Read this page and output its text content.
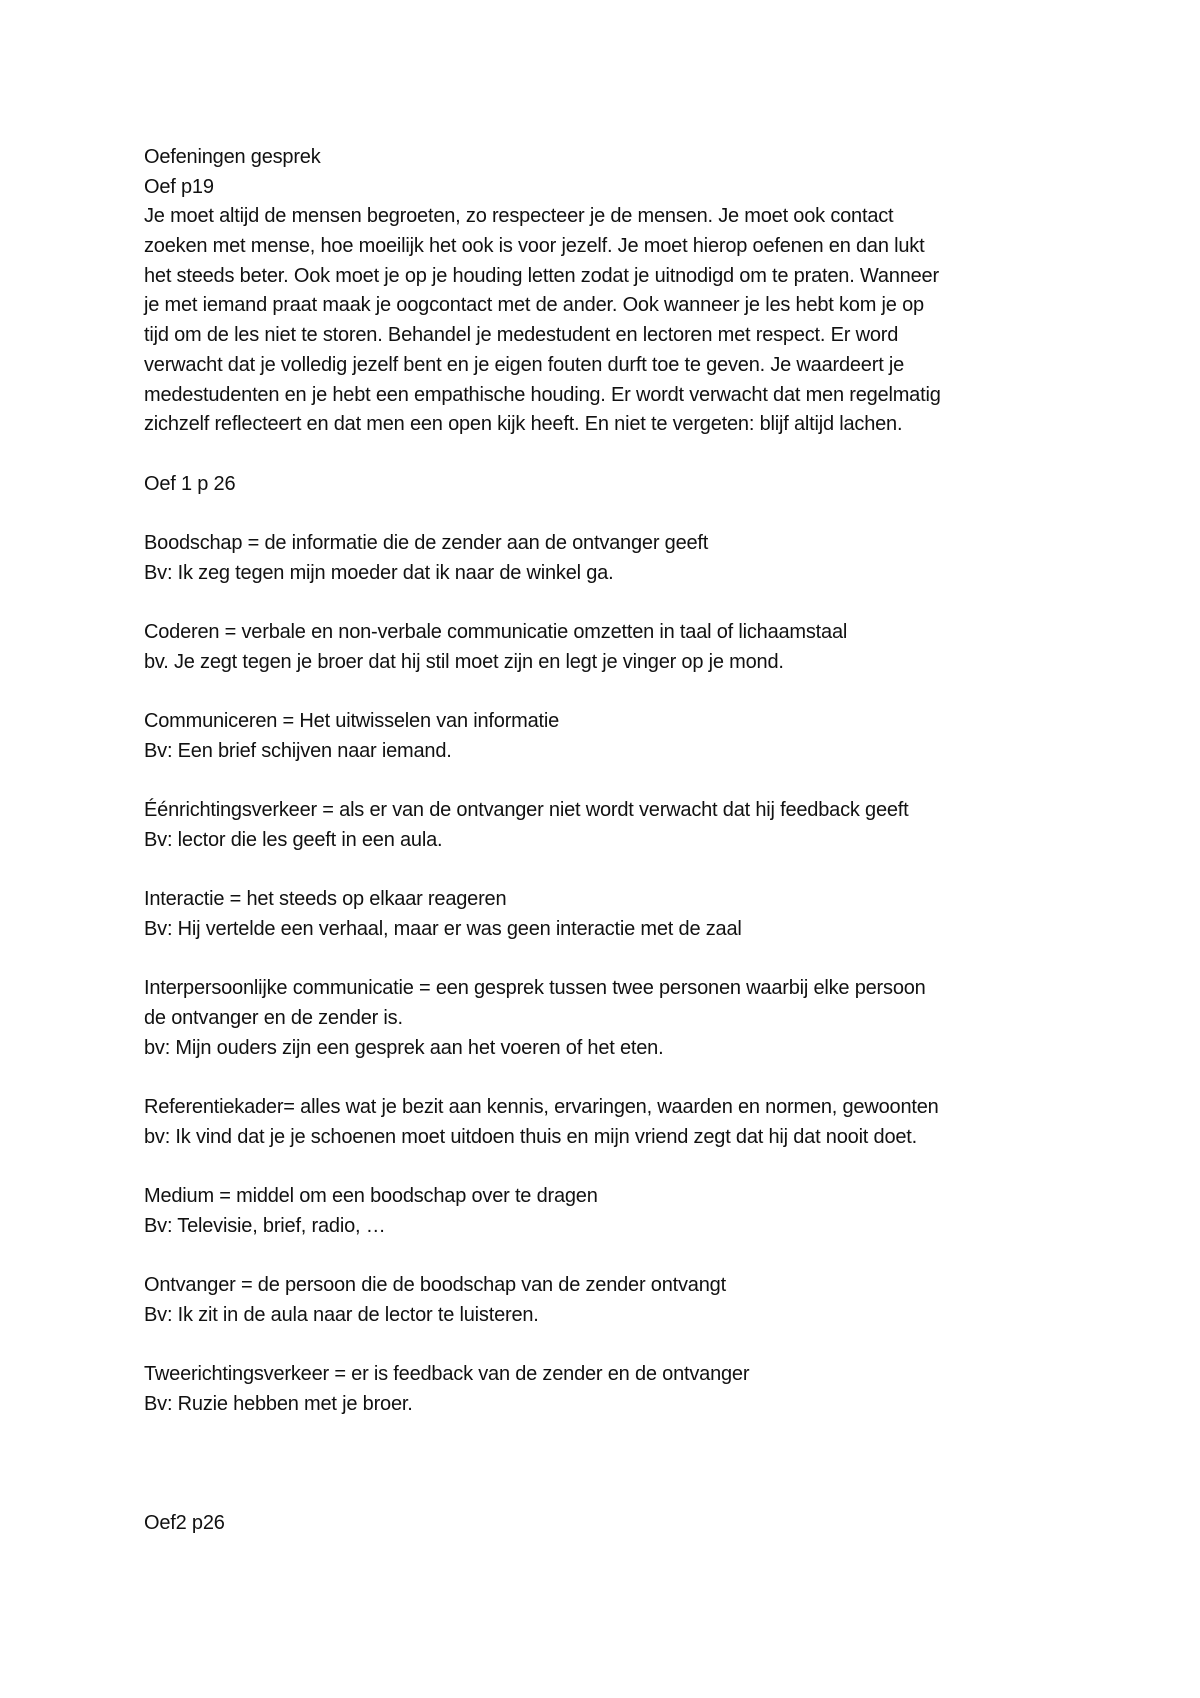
Oefeningen gesprek
Oef p19
Je moet altijd de mensen begroeten, zo respecteer je de mensen. Je moet ook contact
zoeken met mense, hoe moeilijk het ook is voor jezelf. Je moet hierop oefenen en dan lukt
het steeds beter. Ook moet je op je houding letten zodat je uitnodigd om te praten. Wanneer
je met iemand praat maak je oogcontact met de ander. Ook wanneer je les hebt kom je op
tijd om de les niet te storen. Behandel je medestudent en lectoren met respect. Er word
verwacht dat je volledig jezelf bent en je eigen fouten durft toe te geven. Je waardeert je
medestudenten en je hebt een empathische houding. Er wordt verwacht dat men regelmatig
zichzelf reflecteert en dat men een open kijk heeft. En niet te vergeten: blijf altijd lachen.
Oef 1 p 26
Boodschap = de informatie die de zender aan de ontvanger geeft
Bv: Ik zeg tegen mijn moeder dat ik naar de winkel ga.
Coderen = verbale en non-verbale communicatie omzetten in taal of lichaamstaal
bv. Je zegt tegen je broer dat hij stil moet zijn en legt je vinger op je mond.
Communiceren = Het uitwisselen van informatie
Bv: Een brief schijven naar iemand.
Éénrichtingsverkeer = als er van de ontvanger niet wordt verwacht dat hij feedback geeft
Bv: lector die les geeft in een aula.
Interactie = het steeds op elkaar reageren
Bv: Hij vertelde een verhaal, maar er was geen interactie met de zaal
Interpersoonlijke communicatie = een gesprek tussen twee personen waarbij elke persoon
de ontvanger en de zender is.
bv: Mijn ouders zijn een gesprek aan het voeren of het eten.
Referentiekader= alles wat je bezit aan kennis, ervaringen, waarden en normen, gewoonten
bv: Ik vind dat je je schoenen moet uitdoen thuis en mijn vriend zegt dat hij dat nooit doet.
Medium = middel om een boodschap over te dragen
Bv: Televisie, brief, radio, …
Ontvanger = de persoon die de boodschap van de zender ontvangt
Bv: Ik zit in de aula naar de lector te luisteren.
Tweerichtingsverkeer = er is feedback van de zender en de ontvanger
Bv: Ruzie hebben met je broer.
Oef2 p26
